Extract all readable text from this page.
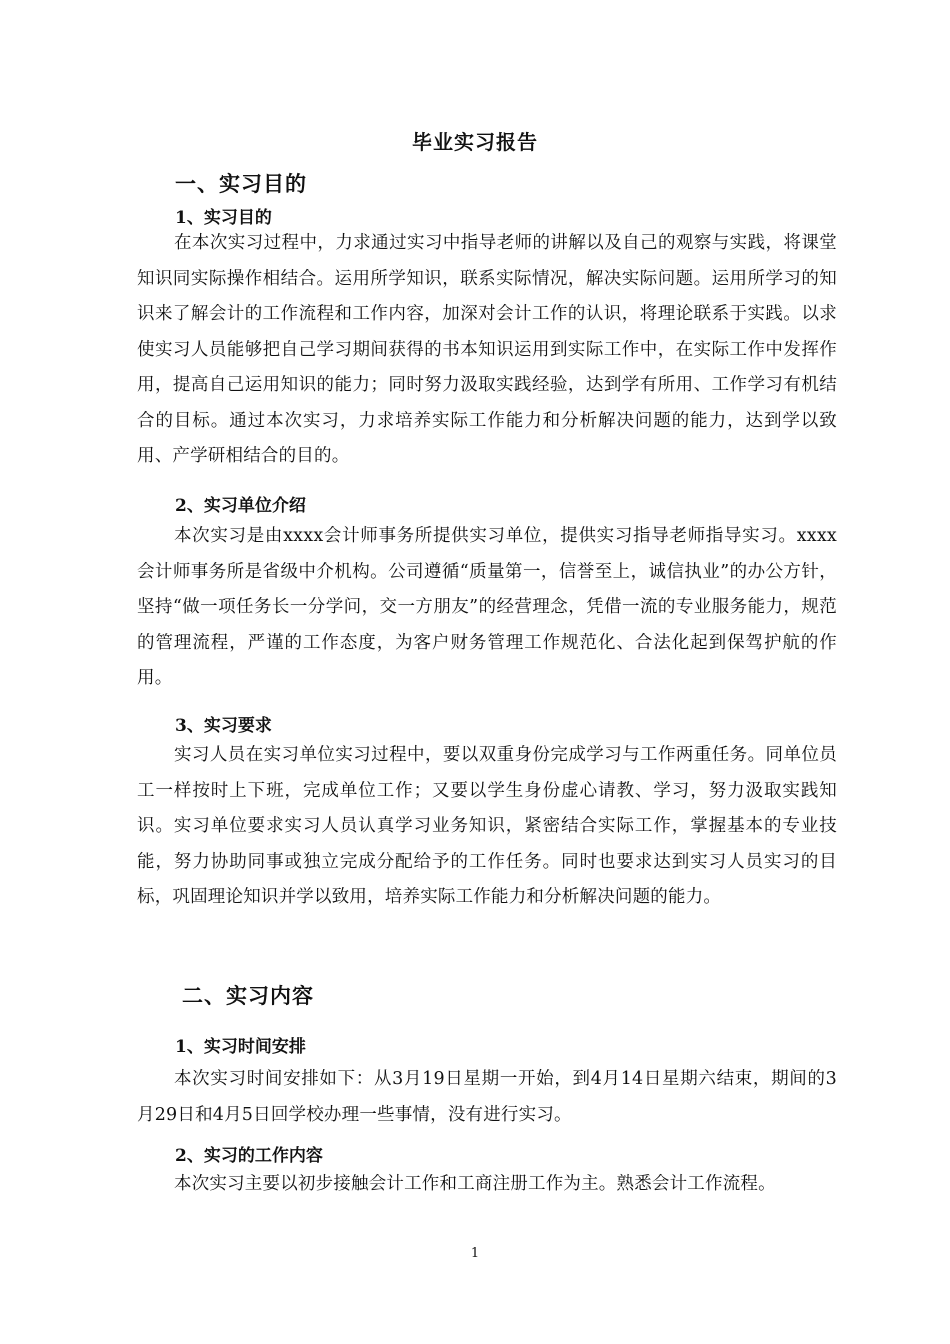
毕业实习报告
一、实习目的
1、实习目的
在本次实习过程中，力求通过实习中指导老师的讲解以及自己的观察与实践，将课堂知识同实际操作相结合。运用所学知识，联系实际情况，解决实际问题。运用所学习的知识来了解会计的工作流程和工作内容，加深对会计工作的认识，将理论联系于实践。以求使实习人员能够把自己学习期间获得的书本知识运用到实际工作中，在实际工作中发挥作用，提高自己运用知识的能力；同时努力汲取实践经验，达到学有所用、工作学习有机结合的目标。通过本次实习，力求培养实际工作能力和分析解决问题的能力，达到学以致用、产学研相结合的目的。
2、实习单位介绍
本次实习是由xxxx会计师事务所提供实习单位，提供实习指导老师指导实习。xxxx会计师事务所是省级中介机构。公司遵循“质量第一，信誉至上，诚信执业”的办公方针，坚持“做一项任务长一分学问，交一方朋友”的经营理念，凭借一流的专业服务能力，规范的管理流程，严谨的工作态度，为客户财务管理工作规范化、合法化起到保驾护航的作用。
3、实习要求
实习人员在实习单位实习过程中，要以双重身份完成学习与工作两重任务。同单位员工一样按时上下班，完成单位工作；又要以学生身份虚心请教、学习，努力汲取实践知识。实习单位要求实习人员认真学习业务知识，紧密结合实际工作，掌握基本的专业技能，努力协助同事或独立完成分配给予的工作任务。同时也要求达到实习人员实习的目标，巩固理论知识并学以致用，培养实际工作能力和分析解决问题的能力。
二、实习内容
1、实习时间安排
本次实习时间安排如下：从3月19日星期一开始，到4月14日星期六结束，期间的3月29日和4月5日回学校办理一些事情，没有进行实习。
2、实习的工作内容
本次实习主要以初步接触会计工作和工商注册工作为主。熟悉会计工作流程。
1
